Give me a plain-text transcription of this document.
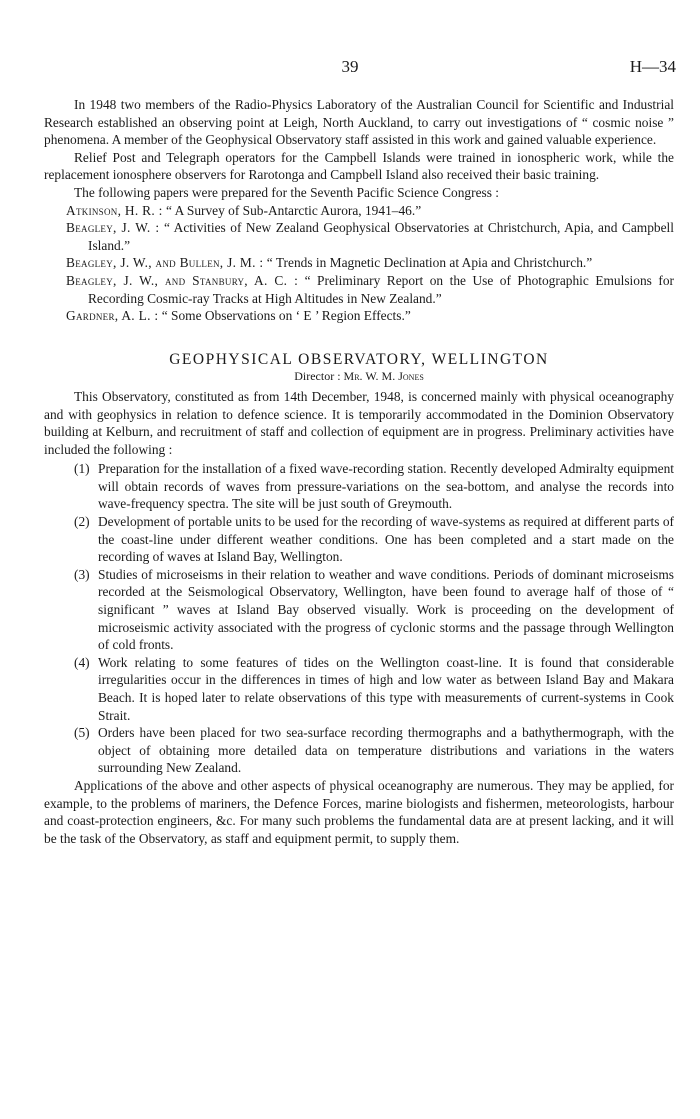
39	H—34

In 1948 two members of the Radio-Physics Laboratory of the Australian Council for Scientific and Industrial Research established an observing point at Leigh, North Auckland, to carry out investigations of “ cosmic noise ” phenomena. A member of the Geophysical Observatory staff assisted in this work and gained valuable experience.

Relief Post and Telegraph operators for the Campbell Islands were trained in ionospheric work, while the replacement ionosphere observers for Rarotonga and Campbell Island also received their basic training.

The following papers were prepared for the Seventh Pacific Science Congress :

Atkinson, H. R. : “ A Survey of Sub-Antarctic Aurora, 1941–46.”
Beagley, J. W. : “ Activities of New Zealand Geophysical Observatories at Christchurch, Apia, and Campbell Island.”
Beagley, J. W., and Bullen, J. M. : “ Trends in Magnetic Declination at Apia and Christchurch.”
Beagley, J. W., and Stanbury, A. C. : “ Preliminary Report on the Use of Photographic Emulsions for Recording Cosmic-ray Tracks at High Altitudes in New Zealand.”
Gardner, A. L. : “ Some Observations on ‘ E ’ Region Effects.”
GEOPHYSICAL OBSERVATORY, WELLINGTON
Director : Mr. W. M. Jones

This Observatory, constituted as from 14th December, 1948, is concerned mainly with physical oceanography and with geophysics in relation to defence science. It is temporarily accommodated in the Dominion Observatory building at Kelburn, and recruitment of staff and collection of equipment are in progress. Preliminary activities have included the following :

(1) Preparation for the installation of a fixed wave-recording station. Recently developed Admiralty equipment will obtain records of waves from pressure-variations on the sea-bottom, and analyse the records into wave-frequency spectra. The site will be just south of Greymouth.
(2) Development of portable units to be used for the recording of wave-systems as required at different parts of the coast-line under different weather conditions. One has been completed and a start made on the recording of waves at Island Bay, Wellington.
(3) Studies of microseisms in their relation to weather and wave conditions. Periods of dominant microseisms recorded at the Seismological Observatory, Wellington, have been found to average half of those of “ significant ” waves at Island Bay observed visually. Work is proceeding on the development of microseismic activity associated with the progress of cyclonic storms and the passage through Wellington of cold fronts.
(4) Work relating to some features of tides on the Wellington coast-line. It is found that considerable irregularities occur in the differences in times of high and low water as between Island Bay and Makara Beach. It is hoped later to relate observations of this type with measurements of current-systems in Cook Strait.
(5) Orders have been placed for two sea-surface recording thermographs and a bathythermograph, with the object of obtaining more detailed data on temperature distributions and variations in the waters surrounding New Zealand.

Applications of the above and other aspects of physical oceanography are numerous. They may be applied, for example, to the problems of mariners, the Defence Forces, marine biologists and fishermen, meteorologists, harbour and coast-protection engineers, &c. For many such problems the fundamental data are at present lacking, and it will be the task of the Observatory, as staff and equipment permit, to supply them.
